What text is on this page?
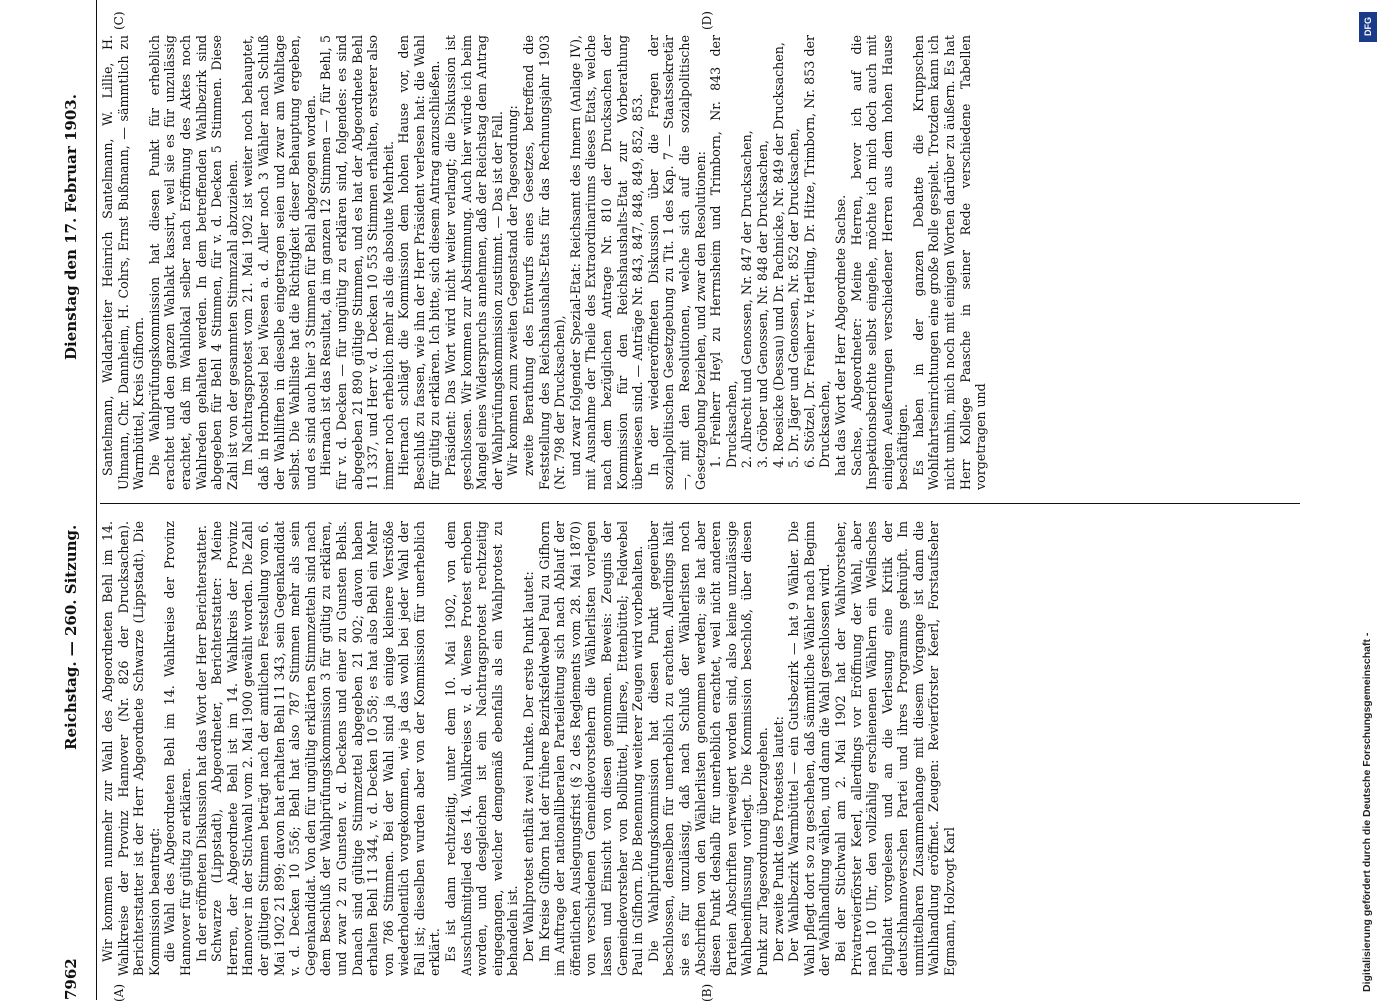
7962
Reichstag. — 260. Sitzung.
Dienstag den 17. Februar 1903.
(A)	(B)
(C)	(D)

Wir kommen nunmehr zur Wahl des Abgeordneten Behl im 14. Wahlkreise der Provinz Hannover (Nr. 826 der Drucksachen). Berichterstatter ist der Herr Abgeordnete Schwarze (Lippstadt). Die Kommission beantragt: die Wahl des Abgeordneten Behl im 14. Wahlkreise der Provinz Hannover für gültig zu erklären. In der eröffneten Diskussion hat das Wort der Herr Berichterstatter. Schwarze (Lippstadt), Abgeordneter, Berichterstatter: Meine Herren, der Abgeordnete Behl ist im 14. Wahlkreis der Provinz Hannover in der Stichwahl vom 2. Mai 1900 gewählt worden. Die Zahl der gültigen Stimmen beträgt nach der amtlichen Feststellung vom 6. Mai 1902 21 899; davon hat erhalten Behl 11 343, sein Gegenkandidat v. d. Decken 10 556; Behl hat also 787 Stimmen mehr als sein Gegenkandidat. Von den für ungültig erklärten Stimmzetteln sind nach dem Beschluß der Wahlprüfungskommission 3 für gültig zu erklären, und zwar 2 zu Gunsten v. d. Deckens und einer zu Gunsten Behls. Danach sind gültige Stimmzettel abgegeben 21 902; davon haben erhalten Behl 11 344, v. d. Decken 10 558; es hat also Behl ein Mehr von 786 Stimmen. Bei der Wahl sind ja einige kleinere Verstöße wiederholentlich vorgekommen, wie ja das wohl bei jeder Wahl der Fall ist; dieselben wurden aber von der Kommission für unerheblich erklärt. Es ist dann rechtzeitig, unter dem 10. Mai 1902, von dem Ausschußmitglied des 14. Wahlkreises v. d. Wense Protest erhoben worden, und desgleichen ist ein Nachtragsprotest rechtzeitig eingegangen, welcher demgemäß ebenfalls als ein Wahlprotest zu behandeln ist. Der Wahlprotest enthält zwei Punkte. Der erste Punkt lautet: Im Kreise Gifhorn hat der frühere Bezirksfeldwebel Paul zu Gifhorn im Auftrage der nationalliberalen Parteileitung sich nach Ablauf der öffentlichen Auslegungsfrist (§ 2 des Reglements vom 28. Mai 1870) von verschiedenen Gemeindevorstehern die Wählerlisten vorlegen lassen und Einsicht von diesen genommen. Beweis: Zeugnis der Gemeindevorsteher von Bollbüttel, Hillerse, Ettenbüttel; Feldwebel Paul in Gifhorn. Die Benennung weiterer Zeugen wird vorbehalten. Die Wahlprüfungskommission hat diesen Punkt gegenüber beschlossen, denselben für unerheblich zu erachten. Allerdings hält sie es für unzulässig, daß nach Schluß der Wählerlisten noch Abschriften von den Wählerlisten genommen werden; sie hat aber diesen Punkt deshalb für unerheblich erachtet, weil nicht anderen Parteien Abschriften verweigert worden sind, also keine unzulässige Wahlbeeinflussung vorliegt. Die Kommission beschloß, über diesen Punkt zur Tagesordnung überzugehen. Der zweite Punkt des Protestes lautet: Der Wahlbezirk Warmbüttel — ein Gutsbezirk — hat 9 Wähler. Die Wahl pflegt dort so zu geschehen, daß sämmtliche Wähler nach Beginn der Wahlhandlung wählen, und dann die Wahl geschlossen wird. Bei der Stichwahl am 2. Mai 1902 hat der Wahlvorsteher, Privatrevierförster Keerl, allerdings vor Eröffnung der Wahl, aber nach 10 Uhr, den vollzählig erschienenen Wählern ein Welfisches Flugblatt vorgelesen und an die Verlesung eine Kritik der deutschhannoverschen Partei und ihres Programms geknüpft. Im unmittelbaren Zusammenhange mit diesem Vorgange ist dann die Wahlhandlung eröffnet. Zeugen: Revierförster Keerl, Forstaufseher Egmann, Holzvogt Karl

Santelmann, Waldarbeiter Heinrich Santelmann, W. Lillie, H. Uhmann, Chr. Dannheim, H. Cohrs, Ernst Bußmann, — sämmtlich zu Warmbüttel, Kreis Gifhorn. Die Wahlprüfungskommission hat diesen Punkt für erheblich erachtet und den ganzen Wahlakt kassirt, weil sie es für unzulässig erachtet, daß im Wahllokal selber nach Eröffnung des Aktes noch Wahlreden gehalten werden. In dem betreffenden Wahlbezirk sind abgegeben für Behl 4 Stimmen, für v. d. Decken 5 Stimmen. Diese Zahl ist von der gesammten Stimmzahl abzuziehen. Im Nachtragsprotest vom 21. Mai 1902 ist weiter noch behauptet, daß in Hornbostel bei Wiesen a. d. Aller noch 3 Wähler nach Schluß der Wahlliften in dieselbe eingetragen seien und zwar am Wahltage selbst. Die Wahlliste hat die Richtigkeit dieser Behauptung ergeben, und es sind auch hier 3 Stimmen für Behl abgezogen worden. Hiernach ist das Resultat, da im ganzen 12 Stimmen — 7 für Behl, 5 für v. d. Decken — für ungültig zu erklären sind, folgendes: es sind abgegeben 21 890 gültige Stimmen, und es hat der Abgeordnete Behl 11 337, und Herr v. d. Decken 10 553 Stimmen erhalten, ersterer also immer noch erheblich mehr als die absolute Mehrheit. Hiernach schlägt die Kommission dem hohen Hause vor, den Beschluß zu fassen, wie ihn der Herr Präsident verlesen hat: die Wahl für gültig zu erklären. Ich bitte, sich diesem Antrag anzuschließen. Präsident: Das Wort wird nicht weiter verlangt; die Diskussion ist geschlossen. Wir kommen zur Abstimmung. Auch hier würde ich beim Mangel eines Widerspruchs annehmen, daß der Reichstag dem Antrag der Wahlprüfungskommission zustimmt. — Das ist der Fall. Wir kommen zum zweiten Gegenstand der Tagesordnung: zweite Berathung des Entwurfs eines Gesetzes, betreffend die Feststellung des Reichshaushalts-Etats für das Rechnungsjahr 1903 (Nr. 798 der Drucksachen), und zwar folgender Spezial-Etat: Reichsamt des Innern (Anlage IV), mit Ausnahme der Theile des Extraordinariums dieses Etats, welche nach dem bezüglichen Antrage Nr. 810 der Drucksachen der Kommission für den Reichshaushalts-Etat zur Vorberathung überwiesen sind. — Anträge Nr. 843, 847, 848, 849, 852, 853. In der wiedereröffneten Diskussion über die Fragen der sozialpolitischen Gesetzgebung zu Tit. 1 des Kap. 7 — Staatssekretär —, mit den Resolutionen, welche sich auf die sozialpolitische Gesetzgebung beziehen, und zwar den Resolutionen: 1. Freiherr Heyl zu Herrnsheim und Trimborn, Nr. 843 der Drucksachen, 2. Albrecht und Genossen, Nr. 847 der Drucksachen, 3. Gröber und Genossen, Nr. 848 der Drucksachen, 4. Roesicke (Dessau) und Dr. Pachnicke, Nr. 849 der Drucksachen, 5. Dr. Jäger und Genossen, Nr. 852 der Drucksachen, 6. Stötzel, Dr. Freiherr v. Hertling, Dr. Hitze, Trimborn, Nr. 853 der Drucksachen, hat das Wort der Herr Abgeordnete Sachse. Sachse, Abgeordneter: Meine Herren, bevor ich auf die Inspektionsberichte selbst eingehe, möchte ich mich doch auch mit einigen Aeußerungen verschiedener Herren aus dem hohen Hause beschäftigen. Es haben in der ganzen Debatte die Kruppschen Wohlfahrtseinrichtungen eine große Rolle gespielt. Trotzdem kann ich nicht umhin, mich noch mit einigen Worten darüber zu äußern. Es hat Herr Kollege Paasche in seiner Rede verschiedene Tabellen vorgetragen und

Digitalisierung gefördert durch die Deutsche Forschungsgemeinschaft -
DFG
